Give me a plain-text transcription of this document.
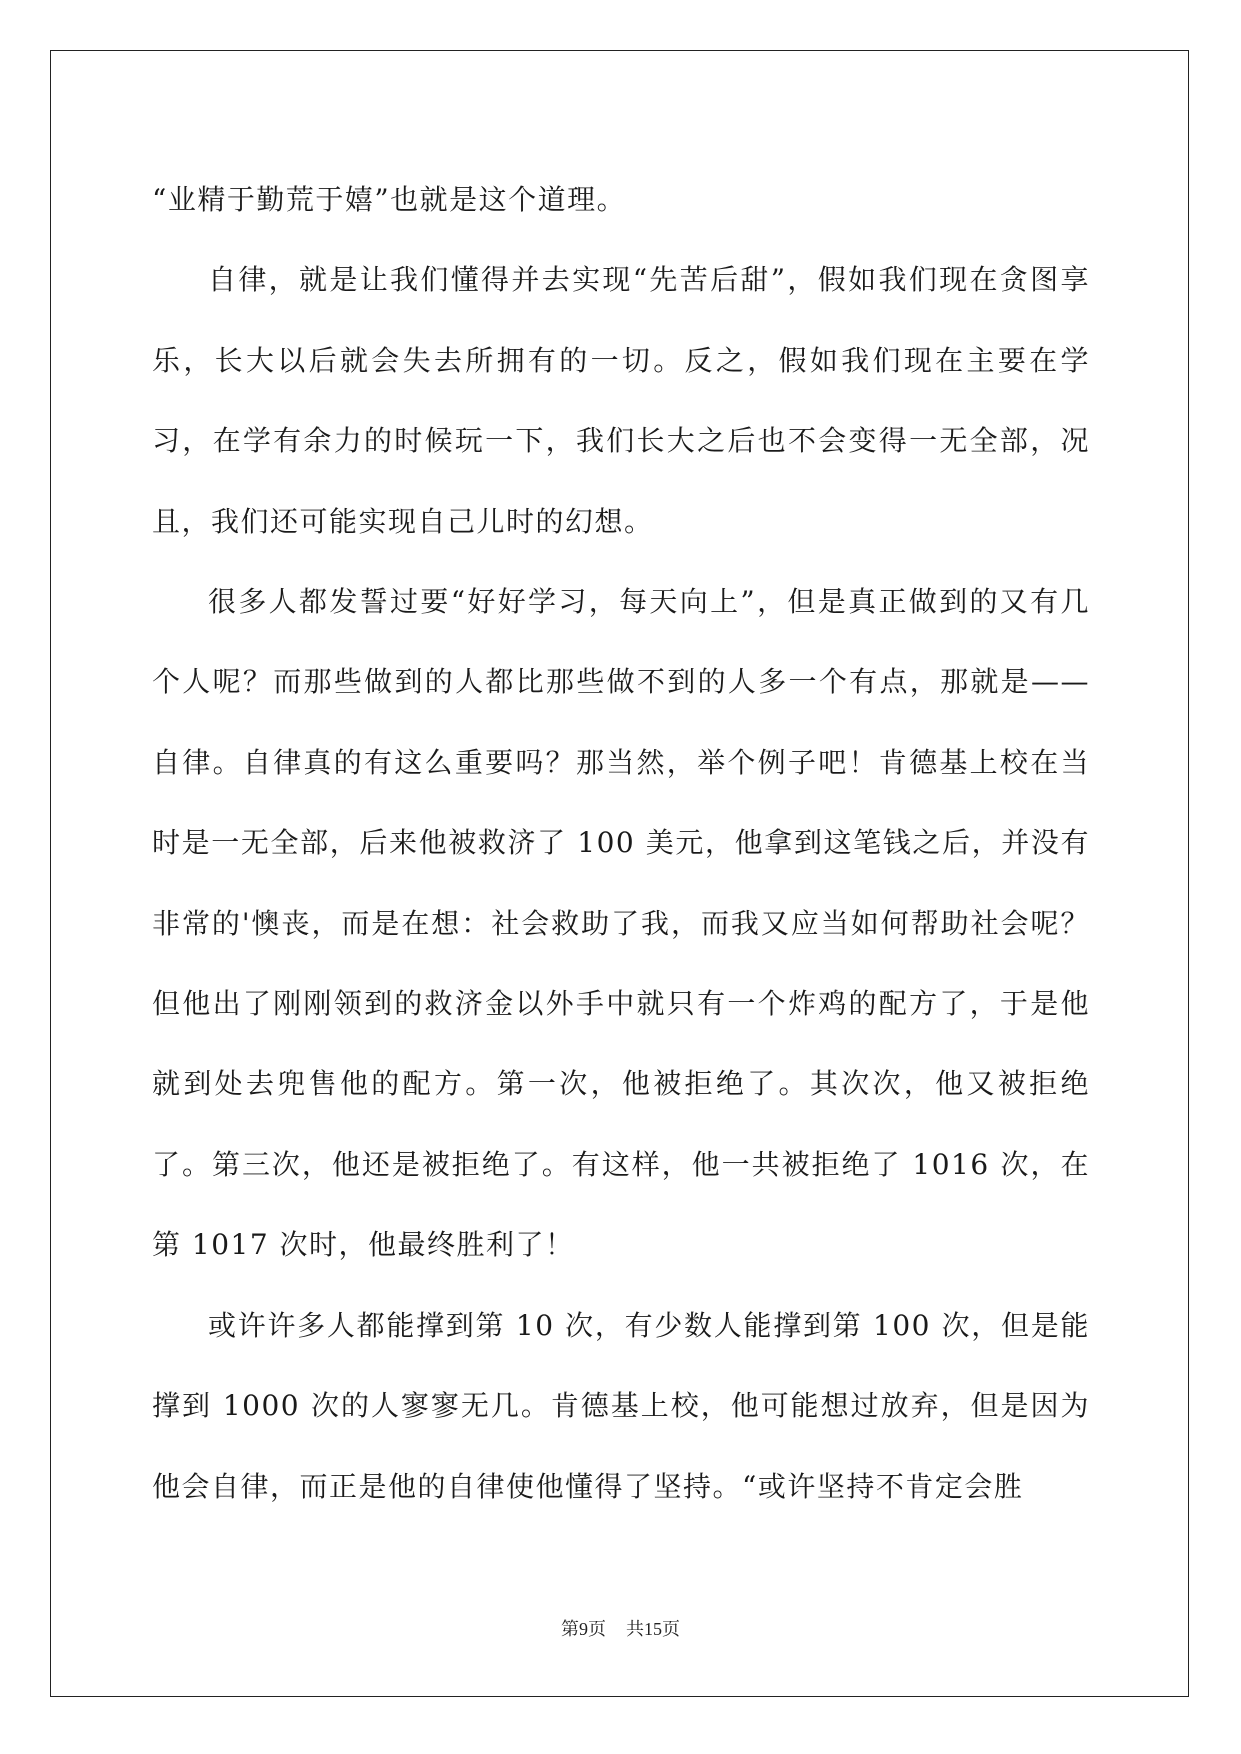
“业精于勤荒于嬉”也就是这个道理。

自律，就是让我们懂得并去实现“先苦后甜”，假如我们现在贪图享乐，长大以后就会失去所拥有的一切。反之，假如我们现在主要在学习，在学有余力的时候玩一下，我们长大之后也不会变得一无全部，况且，我们还可能实现自己儿时的幻想。

很多人都发誓过要“好好学习，每天向上”，但是真正做到的又有几个人呢？而那些做到的人都比那些做不到的人多一个有点，那就是——自律。自律真的有这么重要吗？那当然，举个例子吧！肯德基上校在当时是一无全部，后来他被救济了 100 美元，他拿到这笔钱之后，并没有非常的'懊丧，而是在想：社会救助了我，而我又应当如何帮助社会呢？但他出了刚刚领到的救济金以外手中就只有一个炸鸡的配方了，于是他就到处去兜售他的配方。第一次，他被拒绝了。其次次，他又被拒绝了。第三次，他还是被拒绝了。有这样，他一共被拒绝了 1016 次，在第 1017 次时，他最终胜利了！

或许许多人都能撑到第 10 次，有少数人能撑到第 100 次，但是能撑到 1000 次的人寥寥无几。肯德基上校，他可能想过放弃，但是因为他会自律，而正是他的自律使他懂得了坚持。“或许坚持不肯定会胜

第9页 共15页
